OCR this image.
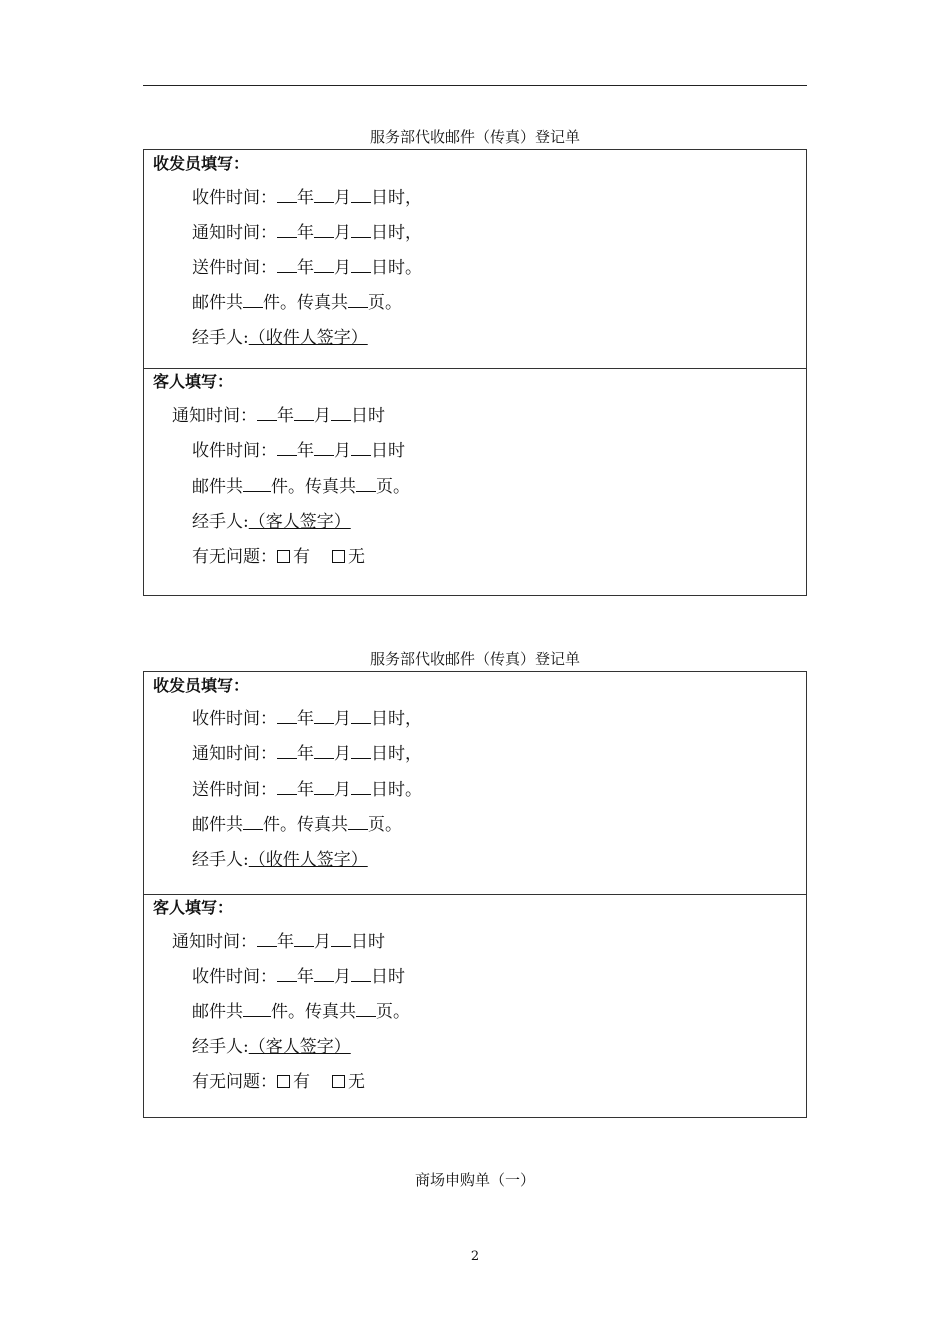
服务部代收邮件（传真）登记单
收发员填写：
收件时间： 年 月 日时，
通知时间： 年 月 日时，
送件时间： 年 月 日时。
邮件共 件。传真共 页。
经手人:（收件人签字）
客人填写：
通知时间： 年 月 日时
收件时间： 年 月 日时
邮件共 件。传真共 页。
经手人:（客人签字）
有无问题： 有 无
服务部代收邮件（传真）登记单
收发员填写：
收件时间： 年 月 日时，
通知时间： 年 月 日时，
送件时间： 年 月 日时。
邮件共 件。传真共 页。
经手人:（收件人签字）
客人填写：
通知时间： 年 月 日时
收件时间： 年 月 日时
邮件共 件。传真共 页。
经手人:（客人签字）
有无问题： 有 无
商场申购单（一）
2
